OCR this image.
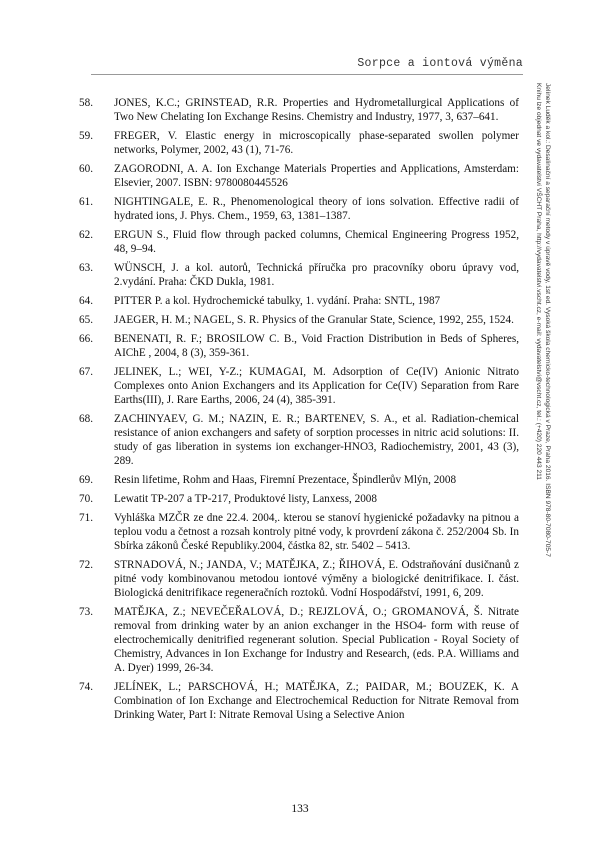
Sorpce a iontová výměna
58.	JONES, K.C.; GRINSTEAD, R.R. Properties and Hydrometallurgical Applications of Two New Chelating Ion Exchange Resins. Chemistry and Industry, 1977, 3, 637–641.
59.	FREGER, V. Elastic energy in microscopically phase-separated swollen polymer networks, Polymer, 2002, 43 (1), 71-76.
60.	ZAGORODNI, A. A. Ion Exchange Materials Properties and Applications, Amsterdam: Elsevier, 2007. ISBN: 9780080445526
61.	NIGHTINGALE, E. R., Phenomenological theory of ions solvation. Effective radii of hydrated ions, J. Phys. Chem., 1959, 63, 1381–1387.
62.	ERGUN S., Fluid flow through packed columns, Chemical Engineering Progress 1952, 48, 9–94.
63.	WÜNSCH, J. a kol. autorů, Technická příručka pro pracovníky oboru úpravy vod, 2.vydání. Praha: ČKD Dukla, 1981.
64.	PITTER P. a kol. Hydrochemické tabulky, 1. vydání. Praha: SNTL, 1987
65.	JAEGER, H. M.; NAGEL, S. R. Physics of the Granular State, Science, 1992, 255, 1524.
66.	BENENATI, R. F.; BROSILOW C. B., Void Fraction Distribution in Beds of Spheres, AIChE , 2004, 8 (3), 359-361.
67.	JELINEK, L.; WEI, Y-Z.; KUMAGAI, M. Adsorption of Ce(IV) Anionic Nitrato Complexes onto Anion Exchangers and its Application for Ce(IV) Separation from Rare Earths(III), J. Rare Earths, 2006, 24 (4), 385-391.
68.	ZACHINYAEV, G. M.; NAZIN, E. R.; BARTENEV, S. A., et al. Radiation-chemical resistance of anion exchangers and safety of sorption processes in nitric acid solutions: II. study of gas liberation in systems ion exchanger-HNO3, Radiochemistry, 2001, 43 (3), 289.
69.	Resin lifetime, Rohm and Haas, Firemní Prezentace, Špindlerův Mlýn, 2008
70.	Lewatit TP-207 a TP-217, Produktové listy, Lanxess, 2008
71.	Vyhláška MZČR ze dne 22.4. 2004,. kterou se stanoví hygienické požadavky na pitnou a teplou vodu a četnost a rozsah kontroly pitné vody, k provrdení zákona č. 252/2004 Sb. In Sbírka zákonů České Republiky.2004, částka 82, str. 5402 – 5413.
72.	STRNADOVÁ, N.; JANDA, V.; MATĚJKA, Z.; ŘIHOVÁ, E. Odstraňování dusičnanů z pitné vody kombinovanou metodou iontové výměny a biologické denitrifikace. I. část. Biologická denitrifikace regeneračních roztoků. Vodní Hospodářství, 1991, 6, 209.
73.	MATĚJKA, Z.; NEVEČEŘALOVÁ, D.; REJZLOVÁ, O.; GROMANOVÁ, Š. Nitrate removal from drinking water by an anion exchanger in the HSO4- form with reuse of electrochemically denitrified regenerant solution. Special Publication - Royal Society of Chemistry, Advances in Ion Exchange for Industry and Research, (eds. P.A. Williams and A. Dyer) 1999, 26-34.
74.	JELÍNEK, L.; PARSCHOVÁ, H.; MATĚJKA, Z.; PAIDAR, M.; BOUZEK, K. A Combination of Ion Exchange and Electrochemical Reduction for Nitrate Removal from Drinking Water, Part I: Nitrate Removal Using a Selective Anion
133
Jelínek Luděk a kol.: Desalinační a separační metody v úpravě vody, 1st ed. Vysoká škola chemicko-technologická v Praze, Praha 2016. ISBN 978-80-7080-705-7
Knihu lze objednat ve vydavatelství VŠCHT Praha, http://vydavatelstvi.vscht.cz, e-mail: vydavatelstvi@vscht.cz, tel.: (+420) 220 443 211
